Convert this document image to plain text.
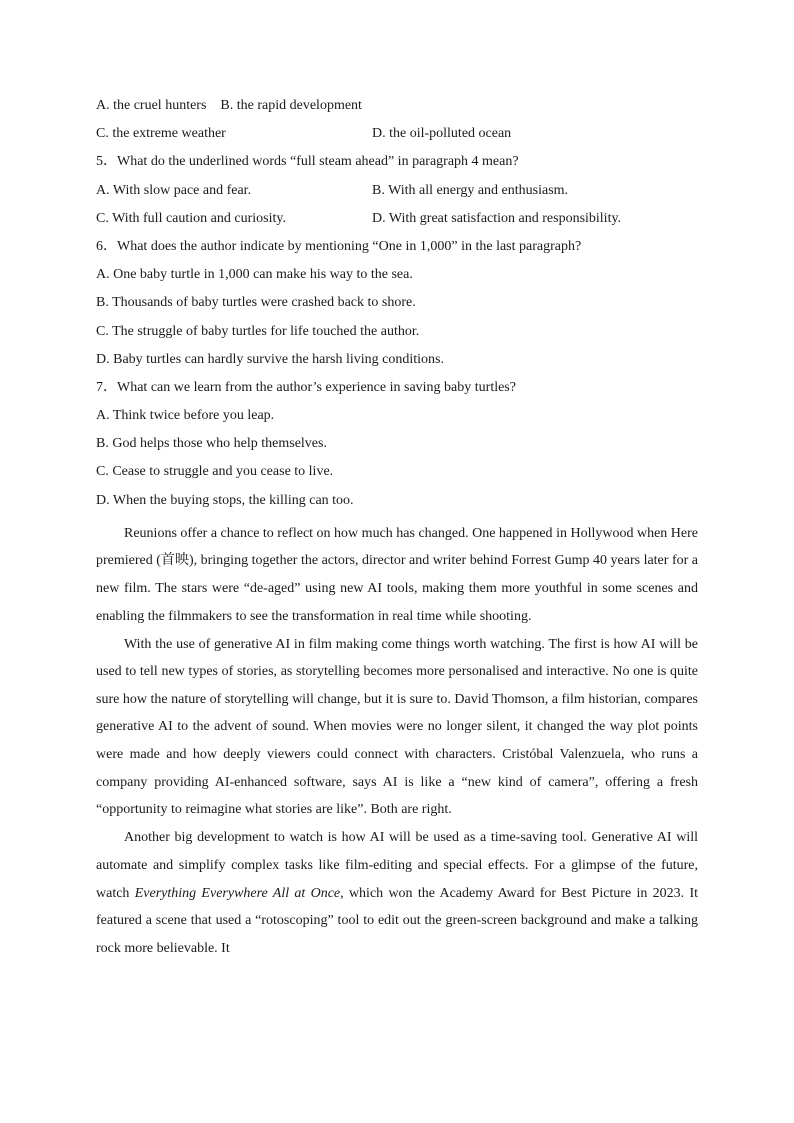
A. the cruel hunters B. the rapid development
C. the extreme weather	D. the oil-polluted ocean
5．What do the underlined words “full steam ahead” in paragraph 4 mean?
A. With slow pace and fear.	B. With all energy and enthusiasm.
C. With full caution and curiosity.	D. With great satisfaction and responsibility.
6．What does the author indicate by mentioning “One in 1,000” in the last paragraph?
A. One baby turtle in 1,000 can make his way to the sea.
B. Thousands of baby turtles were crashed back to shore.
C. The struggle of baby turtles for life touched the author.
D. Baby turtles can hardly survive the harsh living conditions.
7．What can we learn from the author’s experience in saving baby turtles?
A. Think twice before you leap.
B. God helps those who help themselves.
C. Cease to struggle and you cease to live.
D. When the buying stops, the killing can too.

Reunions offer a chance to reflect on how much has changed. One happened in Hollywood when Here premiered (首映), bringing together the actors, director and writer behind Forrest Gump 40 years later for a new film. The stars were “de-aged” using new AI tools, making them more youthful in some scenes and enabling the filmmakers to see the transformation in real time while shooting.

With the use of generative AI in film making come things worth watching. The first is how AI will be used to tell new types of stories, as storytelling becomes more personalised and interactive. No one is quite sure how the nature of storytelling will change, but it is sure to. David Thomson, a film historian, compares generative AI to the advent of sound. When movies were no longer silent, it changed the way plot points were made and how deeply viewers could connect with characters. Cristóbal Valenzuela, who runs a company providing AI-enhanced software, says AI is like a “new kind of camera”, offering a fresh “opportunity to reimagine what stories are like”. Both are right.

Another big development to watch is how AI will be used as a time-saving tool. Generative AI will automate and simplify complex tasks like film-editing and special effects. For a glimpse of the future, watch Everything Everywhere All at Once, which won the Academy Award for Best Picture in 2023. It featured a scene that used a “rotoscoping” tool to edit out the green-screen background and make a talking rock more believable. It
